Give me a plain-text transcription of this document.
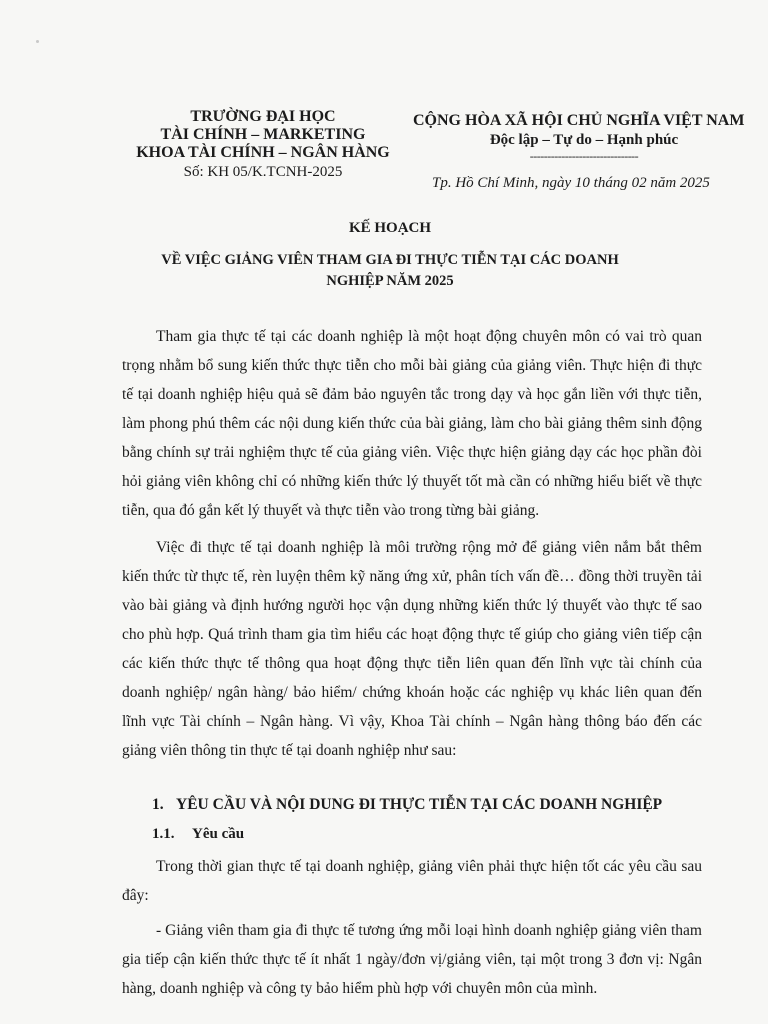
TRƯỜNG ĐẠI HỌC
TÀI CHÍNH – MARKETING
KHOA TÀI CHÍNH – NGÂN HÀNG
Số: KH 05/K.TCNH-2025
CỘNG HÒA XÃ HỘI CHỦ NGHĨA VIỆT NAM
Độc lập – Tự do – Hạnh phúc
-------------------------------
Tp. Hồ Chí Minh, ngày 10 tháng 02 năm 2025
KẾ HOẠCH
VỀ VIỆC GIẢNG VIÊN THAM GIA ĐI THỰC TIỄN TẠI CÁC DOANH
NGHIỆP NĂM 2025

Tham gia thực tế tại các doanh nghiệp là một hoạt động chuyên môn có vai trò quan trọng nhằm bổ sung kiến thức thực tiễn cho mỗi bài giảng của giảng viên. Thực hiện đi thực tế tại doanh nghiệp hiệu quả sẽ đảm bảo nguyên tắc trong dạy và học gắn liền với thực tiễn, làm phong phú thêm các nội dung kiến thức của bài giảng, làm cho bài giảng thêm sinh động bằng chính sự trải nghiệm thực tế của giảng viên. Việc thực hiện giảng dạy các học phần đòi hỏi giảng viên không chỉ có những kiến thức lý thuyết tốt mà cần có những hiểu biết về thực tiễn, qua đó gắn kết lý thuyết và thực tiễn vào trong từng bài giảng.

Việc đi thực tế tại doanh nghiệp là môi trường rộng mở để giảng viên nắm bắt thêm kiến thức từ thực tế, rèn luyện thêm kỹ năng ứng xử, phân tích vấn đề… đồng thời truyền tải vào bài giảng và định hướng người học vận dụng những kiến thức lý thuyết vào thực tế sao cho phù hợp. Quá trình tham gia tìm hiểu các hoạt động thực tế giúp cho giảng viên tiếp cận các kiến thức thực tế thông qua hoạt động thực tiễn liên quan đến lĩnh vực tài chính của doanh nghiệp/ ngân hàng/ bảo hiểm/ chứng khoán hoặc các nghiệp vụ khác liên quan đến lĩnh vực Tài chính – Ngân hàng. Vì vậy, Khoa Tài chính – Ngân hàng thông báo đến các giảng viên thông tin thực tế tại doanh nghiệp như sau:

1. YÊU CẦU VÀ NỘI DUNG ĐI THỰC TIỄN TẠI CÁC DOANH NGHIỆP
1.1. Yêu cầu

Trong thời gian thực tế tại doanh nghiệp, giảng viên phải thực hiện tốt các yêu cầu sau đây:

- Giảng viên tham gia đi thực tế tương ứng mỗi loại hình doanh nghiệp giảng viên tham gia tiếp cận kiến thức thực tế ít nhất 1 ngày/đơn vị/giảng viên, tại một trong 3 đơn vị: Ngân hàng, doanh nghiệp và công ty bảo hiểm phù hợp với chuyên môn của mình.
